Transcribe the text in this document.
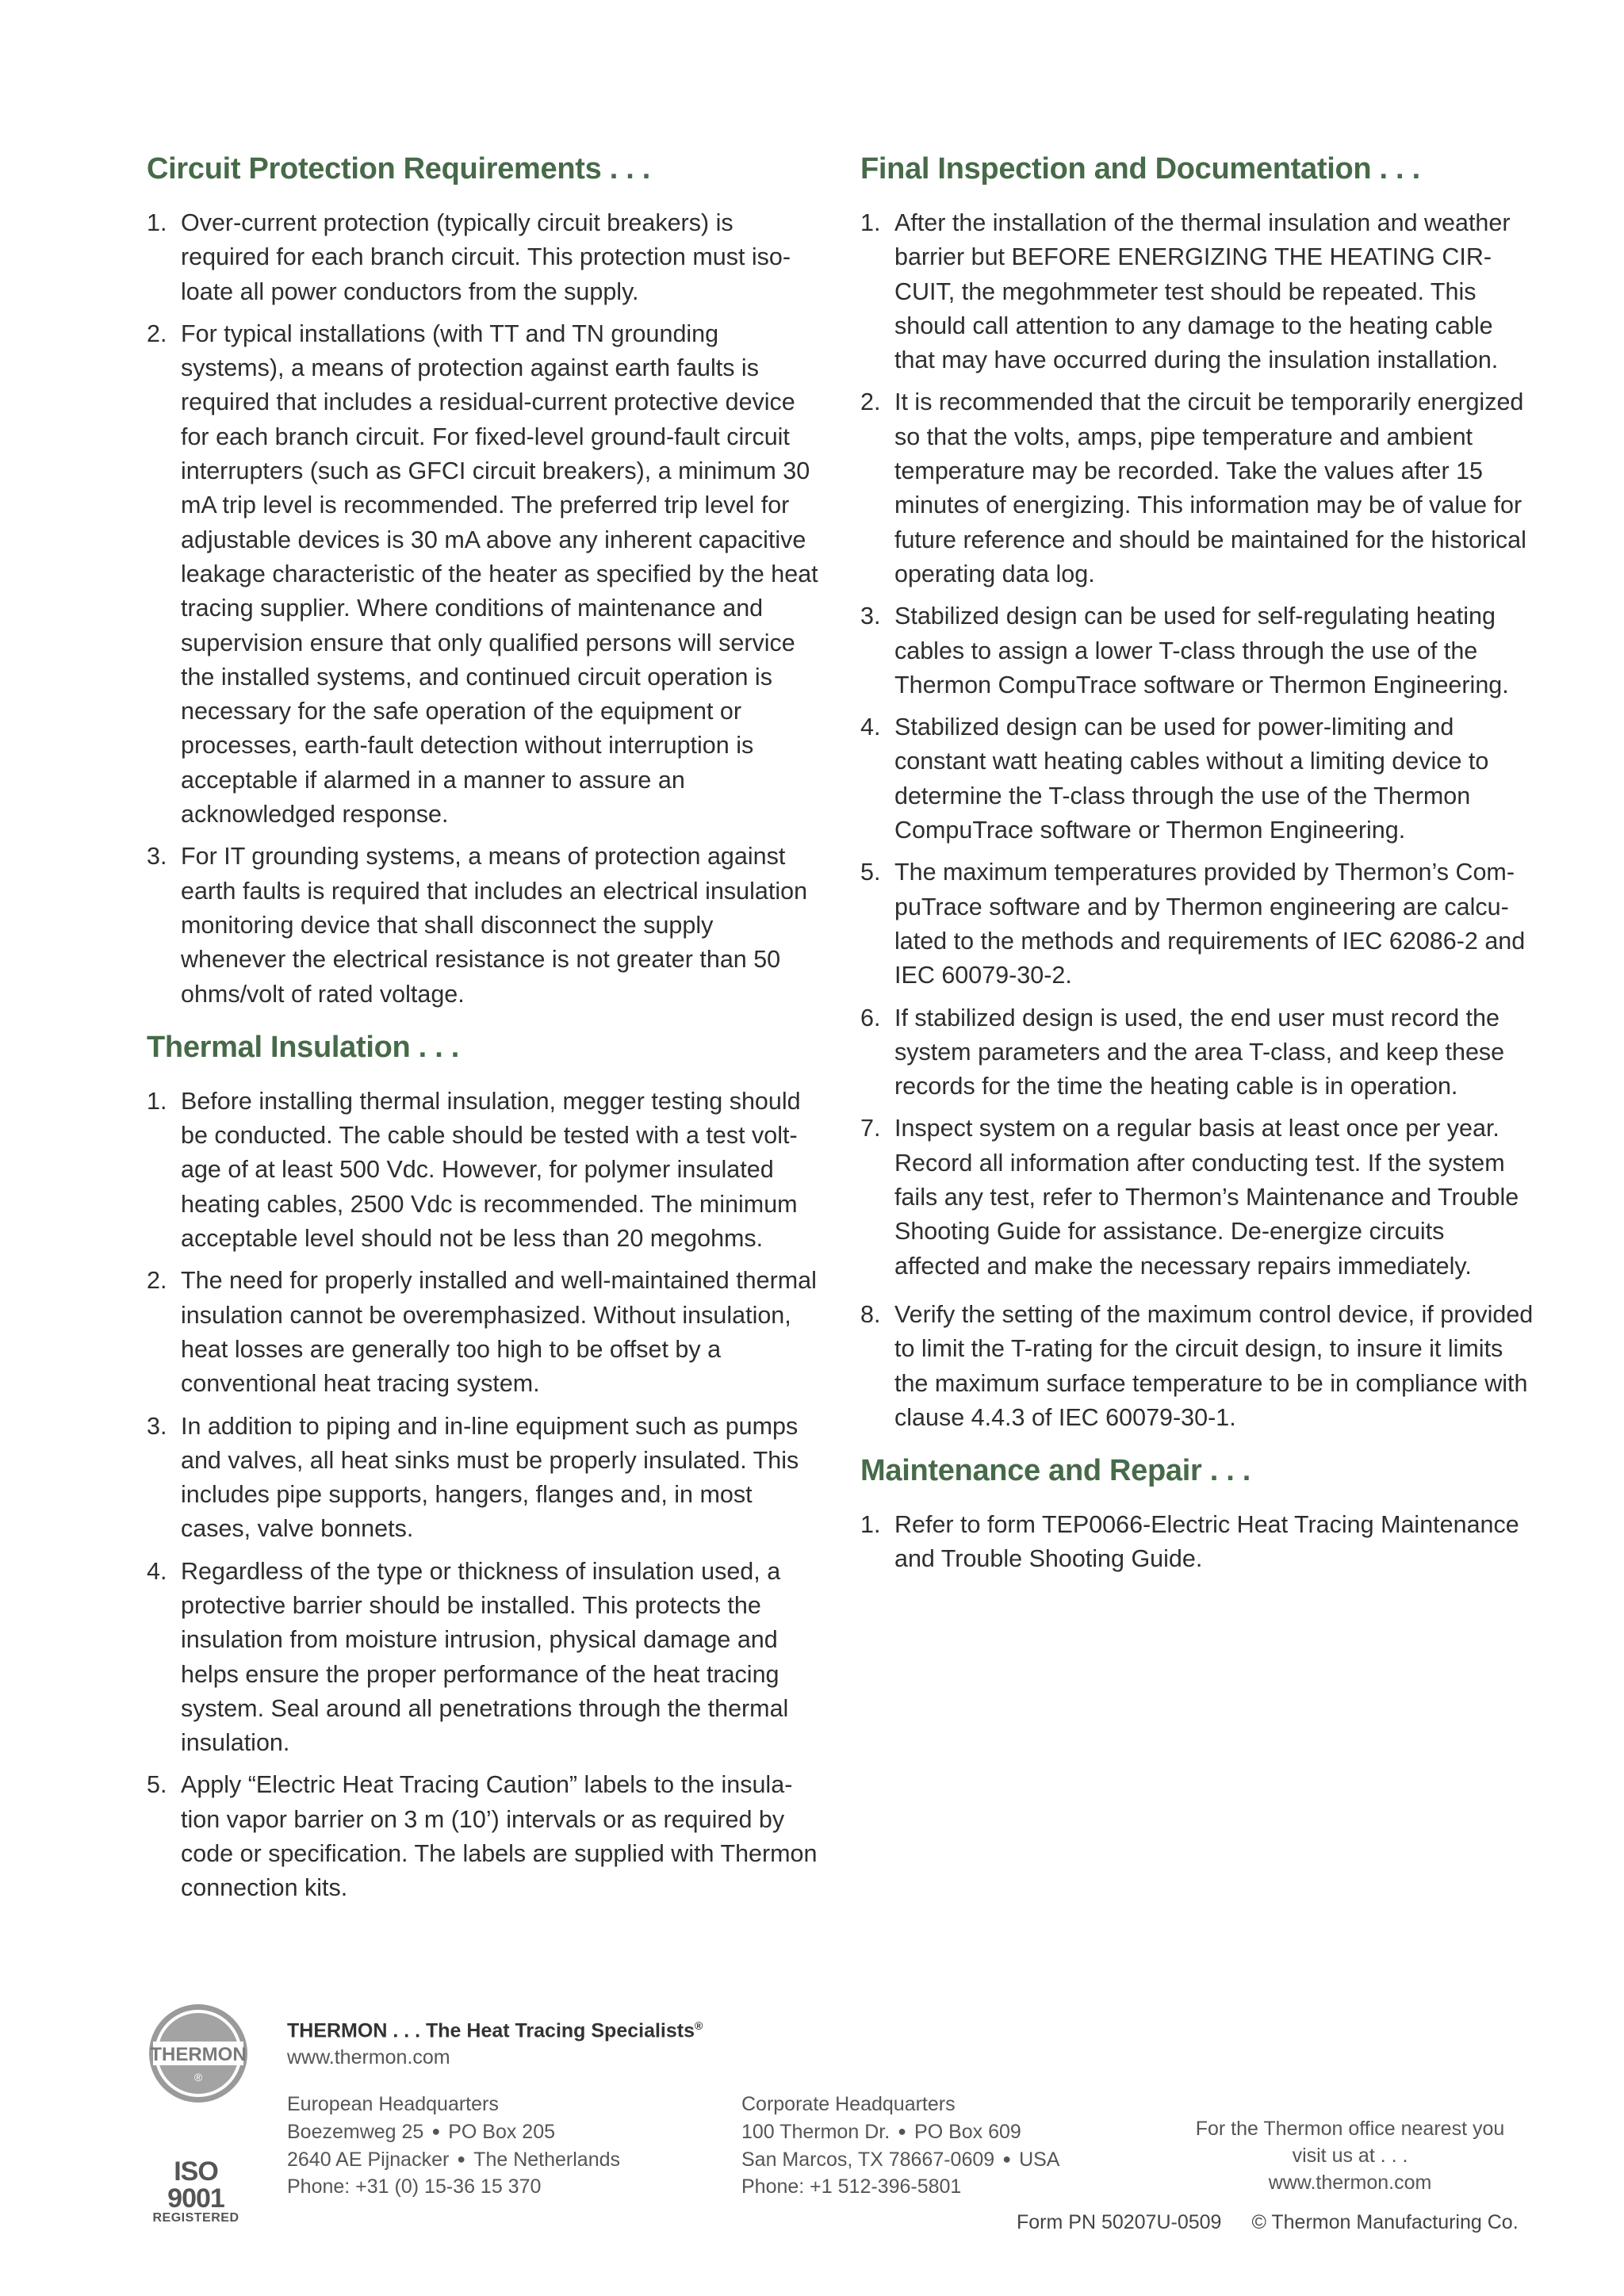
Circuit Protection Requirements . . .
1. Over-current protection (typically circuit breakers) is required for each branch circuit. This protection must isoloate all power conductors from the supply.
2. For typical installations (with TT and TN grounding systems), a means of protection against earth faults is required that includes a residual-current protective device for each branch circuit. For fixed-level ground-fault circuit interrupters (such as GFCI circuit breakers), a minimum 30 mA trip level is recommended. The preferred trip level for adjustable devices is 30 mA above any inherent capacitive leakage characteristic of the heater as specified by the heat tracing supplier. Where conditions of maintenance and supervision ensure that only qualified persons will service the installed systems, and continued circuit operation is necessary for the safe operation of the equipment or processes, earth-fault detection without interruption is acceptable if alarmed in a manner to assure an acknowledged response.
3. For IT grounding systems, a means of protection against earth faults is required that includes an electrical insulation monitoring device that shall disconnect the supply whenever the electrical resistance is not greater than 50 ohms/volt of rated voltage.
Thermal Insulation . . .
1. Before installing thermal insulation, megger testing should be conducted. The cable should be tested with a test voltage of at least 500 Vdc. However, for polymer insulated heating cables, 2500 Vdc is recommended. The minimum acceptable level should not be less than 20 megohms.
2. The need for properly installed and well-maintained thermal insulation cannot be overemphasized. Without insulation, heat losses are generally too high to be offset by a conventional heat tracing system.
3. In addition to piping and in-line equipment such as pumps and valves, all heat sinks must be properly insulated. This includes pipe supports, hangers, flanges and, in most cases, valve bonnets.
4. Regardless of the type or thickness of insulation used, a protective barrier should be installed. This protects the insulation from moisture intrusion, physical damage and helps ensure the proper performance of the heat tracing system. Seal around all penetrations through the thermal insulation.
5. Apply “Electric Heat Tracing Caution” labels to the insulation vapor barrier on 3 m (10’) intervals or as required by code or specification. The labels are supplied with Thermon connection kits.
Final Inspection and Documentation . . .
1. After the installation of the thermal insulation and weather barrier but BEFORE ENERGIZING THE HEATING CIRCUIT, the megohmmeter test should be repeated. This should call attention to any damage to the heating cable that may have occurred during the insulation installation.
2. It is recommended that the circuit be temporarily energized so that the volts, amps, pipe temperature and ambient temperature may be recorded. Take the values after 15 minutes of energizing. This information may be of value for future reference and should be maintained for the historical operating data log.
3. Stabilized design can be used for self-regulating heating cables to assign a lower T-class through the use of the Thermon CompuTrace software or Thermon Engineering.
4. Stabilized design can be used for power-limiting and constant watt heating cables without a limiting device to determine the T-class through the use of the Thermon CompuTrace software or Thermon Engineering.
5. The maximum temperatures provided by Thermon’s CompuTrace software and by Thermon engineering are calculated to the methods and requirements of IEC 62086-2 and IEC 60079-30-2.
6. If stabilized design is used, the end user must record the system parameters and the area T-class, and keep these records for the time the heating cable is in operation.
7. Inspect system on a regular basis at least once per year. Record all information after conducting test. If the system fails any test, refer to Thermon’s Maintenance and Trouble Shooting Guide for assistance. De-energize circuits affected and make the necessary repairs immediately.
8. Verify the setting of the maximum control device, if provided to limit the T-rating for the circuit design, to insure it limits the maximum surface temperature to be in compliance with clause 4.4.3 of IEC 60079-30-1.
Maintenance and Repair . . .
1. Refer to form TEP0066-Electric Heat Tracing Maintenance and Trouble Shooting Guide.
THERMON
®
ISO 9001
REGISTERED
THERMON . . . The Heat Tracing Specialists®
www.thermon.com
European Headquarters
Boezemweg 25 ● PO Box 205
2640 AE Pijnacker ● The Netherlands
Phone: +31 (0) 15-36 15 370
Corporate Headquarters
100 Thermon Dr. ● PO Box 609
San Marcos, TX 78667-0609 ● USA
Phone: +1 512-396-5801
For the Thermon office nearest you
visit us at . . .
www.thermon.com
Form PN 50207U-0509 © Thermon Manufacturing Co.
